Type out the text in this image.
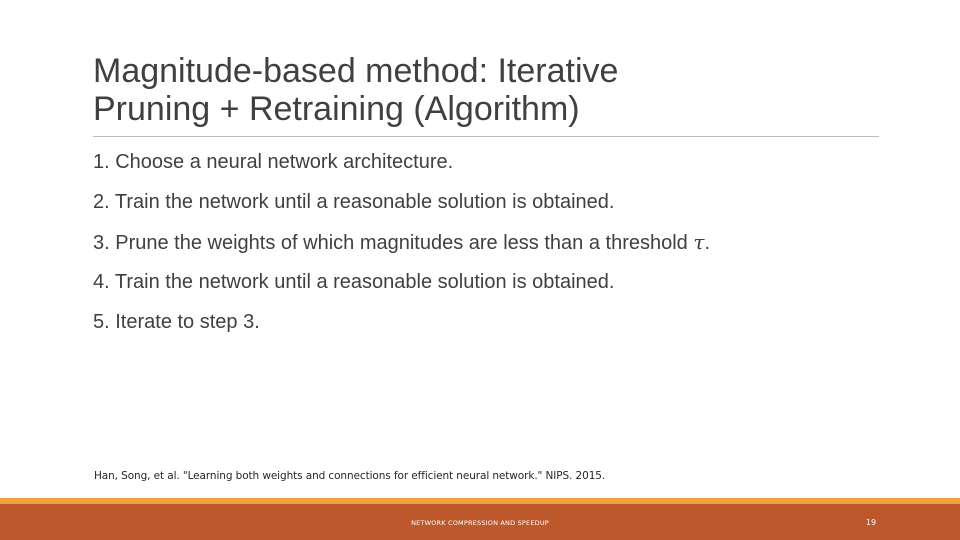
Magnitude-based method: Iterative
Pruning + Retraining (Algorithm)
1. Choose a neural network architecture.
2. Train the network until a reasonable solution is obtained.
3. Prune the weights of which magnitudes are less than a threshold τ.
4. Train the network until a reasonable solution is obtained.
5. Iterate to step 3.
Han, Song, et al. "Learning both weights and connections for efficient neural network." NIPS. 2015.
NETWORK COMPRESSION AND SPEEDUP	19
